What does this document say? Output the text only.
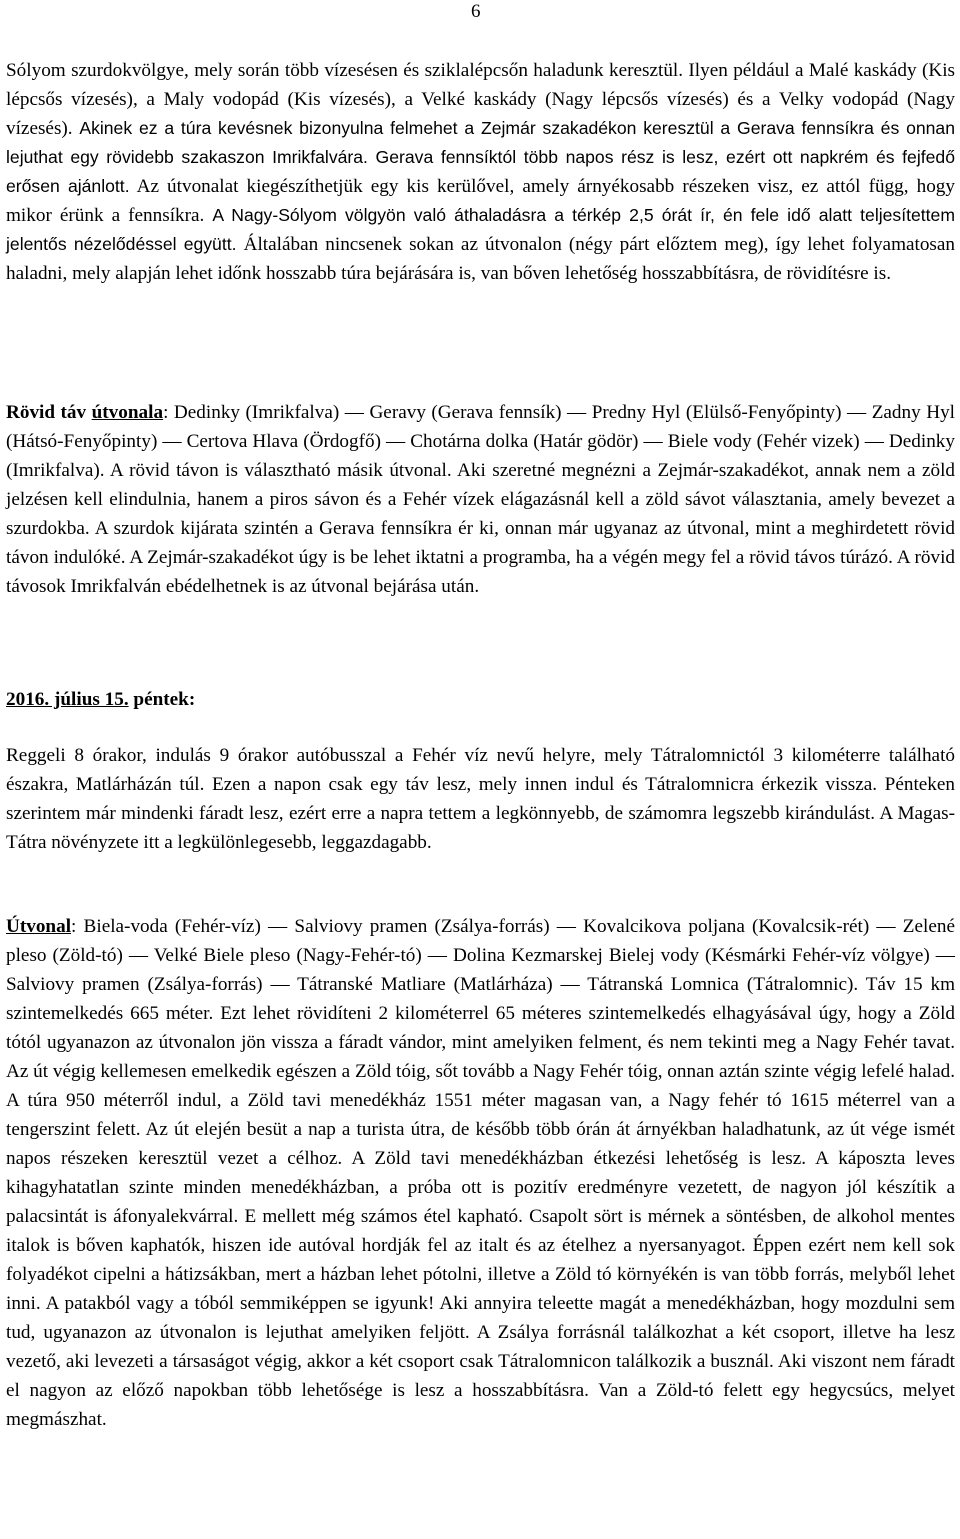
6

Sólyom szurdokvölgye, mely során több vízesésen és sziklalépcsőn haladunk keresztül. Ilyen például a Malé kaskády (Kis lépcsős vízesés), a Maly vodopád (Kis vízesés), a Velké kaskády (Nagy lépcsős vízesés) és a Velky vodopád (Nagy vízesés). Akinek ez a túra kevésnek bizonyulna felmehet a Zejmár szakadékon keresztül a Gerava fennsíkra és onnan lejuthat egy rövidebb szakaszon Imrikfalvára. Gerava fennsíktól több napos rész is lesz, ezért ott napkrém és fejfedő erősen ajánlott. Az útvonalat kiegészíthetjük egy kis kerülővel, amely árnyékosabb részeken visz, ez attól függ, hogy mikor érünk a fennsíkra. A Nagy-Sólyom völgyön való áthaladásra a térkép 2,5 órát ír, én fele idő alatt teljesítettem jelentős nézelődéssel együtt. Általában nincsenek sokan az útvonalon (négy párt előztem meg), így lehet folyamatosan haladni, mely alapján lehet időnk hosszabb túra bejárására is, van bőven lehetőség hosszabbításra, de rövidítésre is.

Rövid táv útvonala: Dedinky (Imrikfalva) — Geravy (Gerava fennsík) — Predny Hyl (Elülső-Fenyőpinty) — Zadny Hyl (Hátsó-Fenyőpinty) — Certova Hlava (Ördogfő) — Chotárna dolka (Határ gödör) — Biele vody (Fehér vizek) — Dedinky (Imrikfalva). A rövid távon is választható másik útvonal. Aki szeretné megnézni a Zejmár-szakadékot, annak nem a zöld jelzésen kell elindulnia, hanem a piros sávon és a Fehér vízek elágazásnál kell a zöld sávot választania, amely bevezet a szurdokba. A szurdok kijárata szintén a Gerava fennsíkra ér ki, onnan már ugyanaz az útvonal, mint a meghirdetett rövid távon indulóké. A Zejmár-szakadékot úgy is be lehet iktatni a programba, ha a végén megy fel a rövid távos túrázó. A rövid távosok Imrikfalván ebédelhetnek is az útvonal bejárása után.

2016. július 15. péntek:

Reggeli 8 órakor, indulás 9 órakor autóbusszal a Fehér víz nevű helyre, mely Tátralomnictól 3 kilométerre található északra, Matlárházán túl. Ezen a napon csak egy táv lesz, mely innen indul és Tátralomnicra érkezik vissza. Pénteken szerintem már mindenki fáradt lesz, ezért erre a napra tettem a legkönnyebb, de számomra legszebb kirándulást. A Magas-Tátra növényzete itt a legkülönlegesebb, leggazdagabb.

Útvonal: Biela-voda (Fehér-víz) — Salviovy pramen (Zsálya-forrás) — Kovalcikova poljana (Kovalcsik-rét) — Zelené pleso (Zöld-tó) — Velké Biele pleso (Nagy-Fehér-tó) — Dolina Kezmarskej Bielej vody (Késmárki Fehér-víz völgye) — Salviovy pramen (Zsálya-forrás) — Tátranské Matliare (Matlárháza) — Tátranská Lomnica (Tátralomnic). Táv 15 km szintemelkedés 665 méter. Ezt lehet rövidíteni 2 kilométerrel 65 méteres szintemelkedés elhagyásával úgy, hogy a Zöld tótól ugyanazon az útvonalon jön vissza a fáradt vándor, mint amelyiken felment, és nem tekinti meg a Nagy Fehér tavat. Az út végig kellemesen emelkedik egészen a Zöld tóig, sőt tovább a Nagy Fehér tóig, onnan aztán szinte végig lefelé halad. A túra 950 méterről indul, a Zöld tavi menedékház 1551 méter magasan van, a Nagy fehér tó 1615 méterrel van a tengerszint felett. Az út elején besüt a nap a turista útra, de később több órán át árnyékban haladhatunk, az út vége ismét napos részeken keresztül vezet a célhoz. A Zöld tavi menedékházban étkezési lehetőség is lesz. A káposzta leves kihagyhatatlan szinte minden menedékházban, a próba ott is pozitív eredményre vezetett, de nagyon jól készítik a palacsintát is áfonyalekvárral. E mellett még számos étel kapható. Csapolt sört is mérnek a söntésben, de alkohol mentes italok is bőven kaphatók, hiszen ide autóval hordják fel az italt és az ételhez a nyersanyagot. Éppen ezért nem kell sok folyadékot cipelni a hátizsákban, mert a házban lehet pótolni, illetve a Zöld tó környékén is van több forrás, melyből lehet inni. A patakból vagy a tóból semmiképpen se igyunk! Aki annyira teleette magát a menedékházban, hogy mozdulni sem tud, ugyanazon az útvonalon is lejuthat amelyiken feljött. A Zsálya forrásnál találkozhat a két csoport, illetve ha lesz vezető, aki levezeti a társaságot végig, akkor a két csoport csak Tátralomnicon találkozik a busznál. Aki viszont nem fáradt el nagyon az előző napokban több lehetősége is lesz a hosszabbításra. Van a Zöld-tó felett egy hegycsúcs, melyet megmászhat.
